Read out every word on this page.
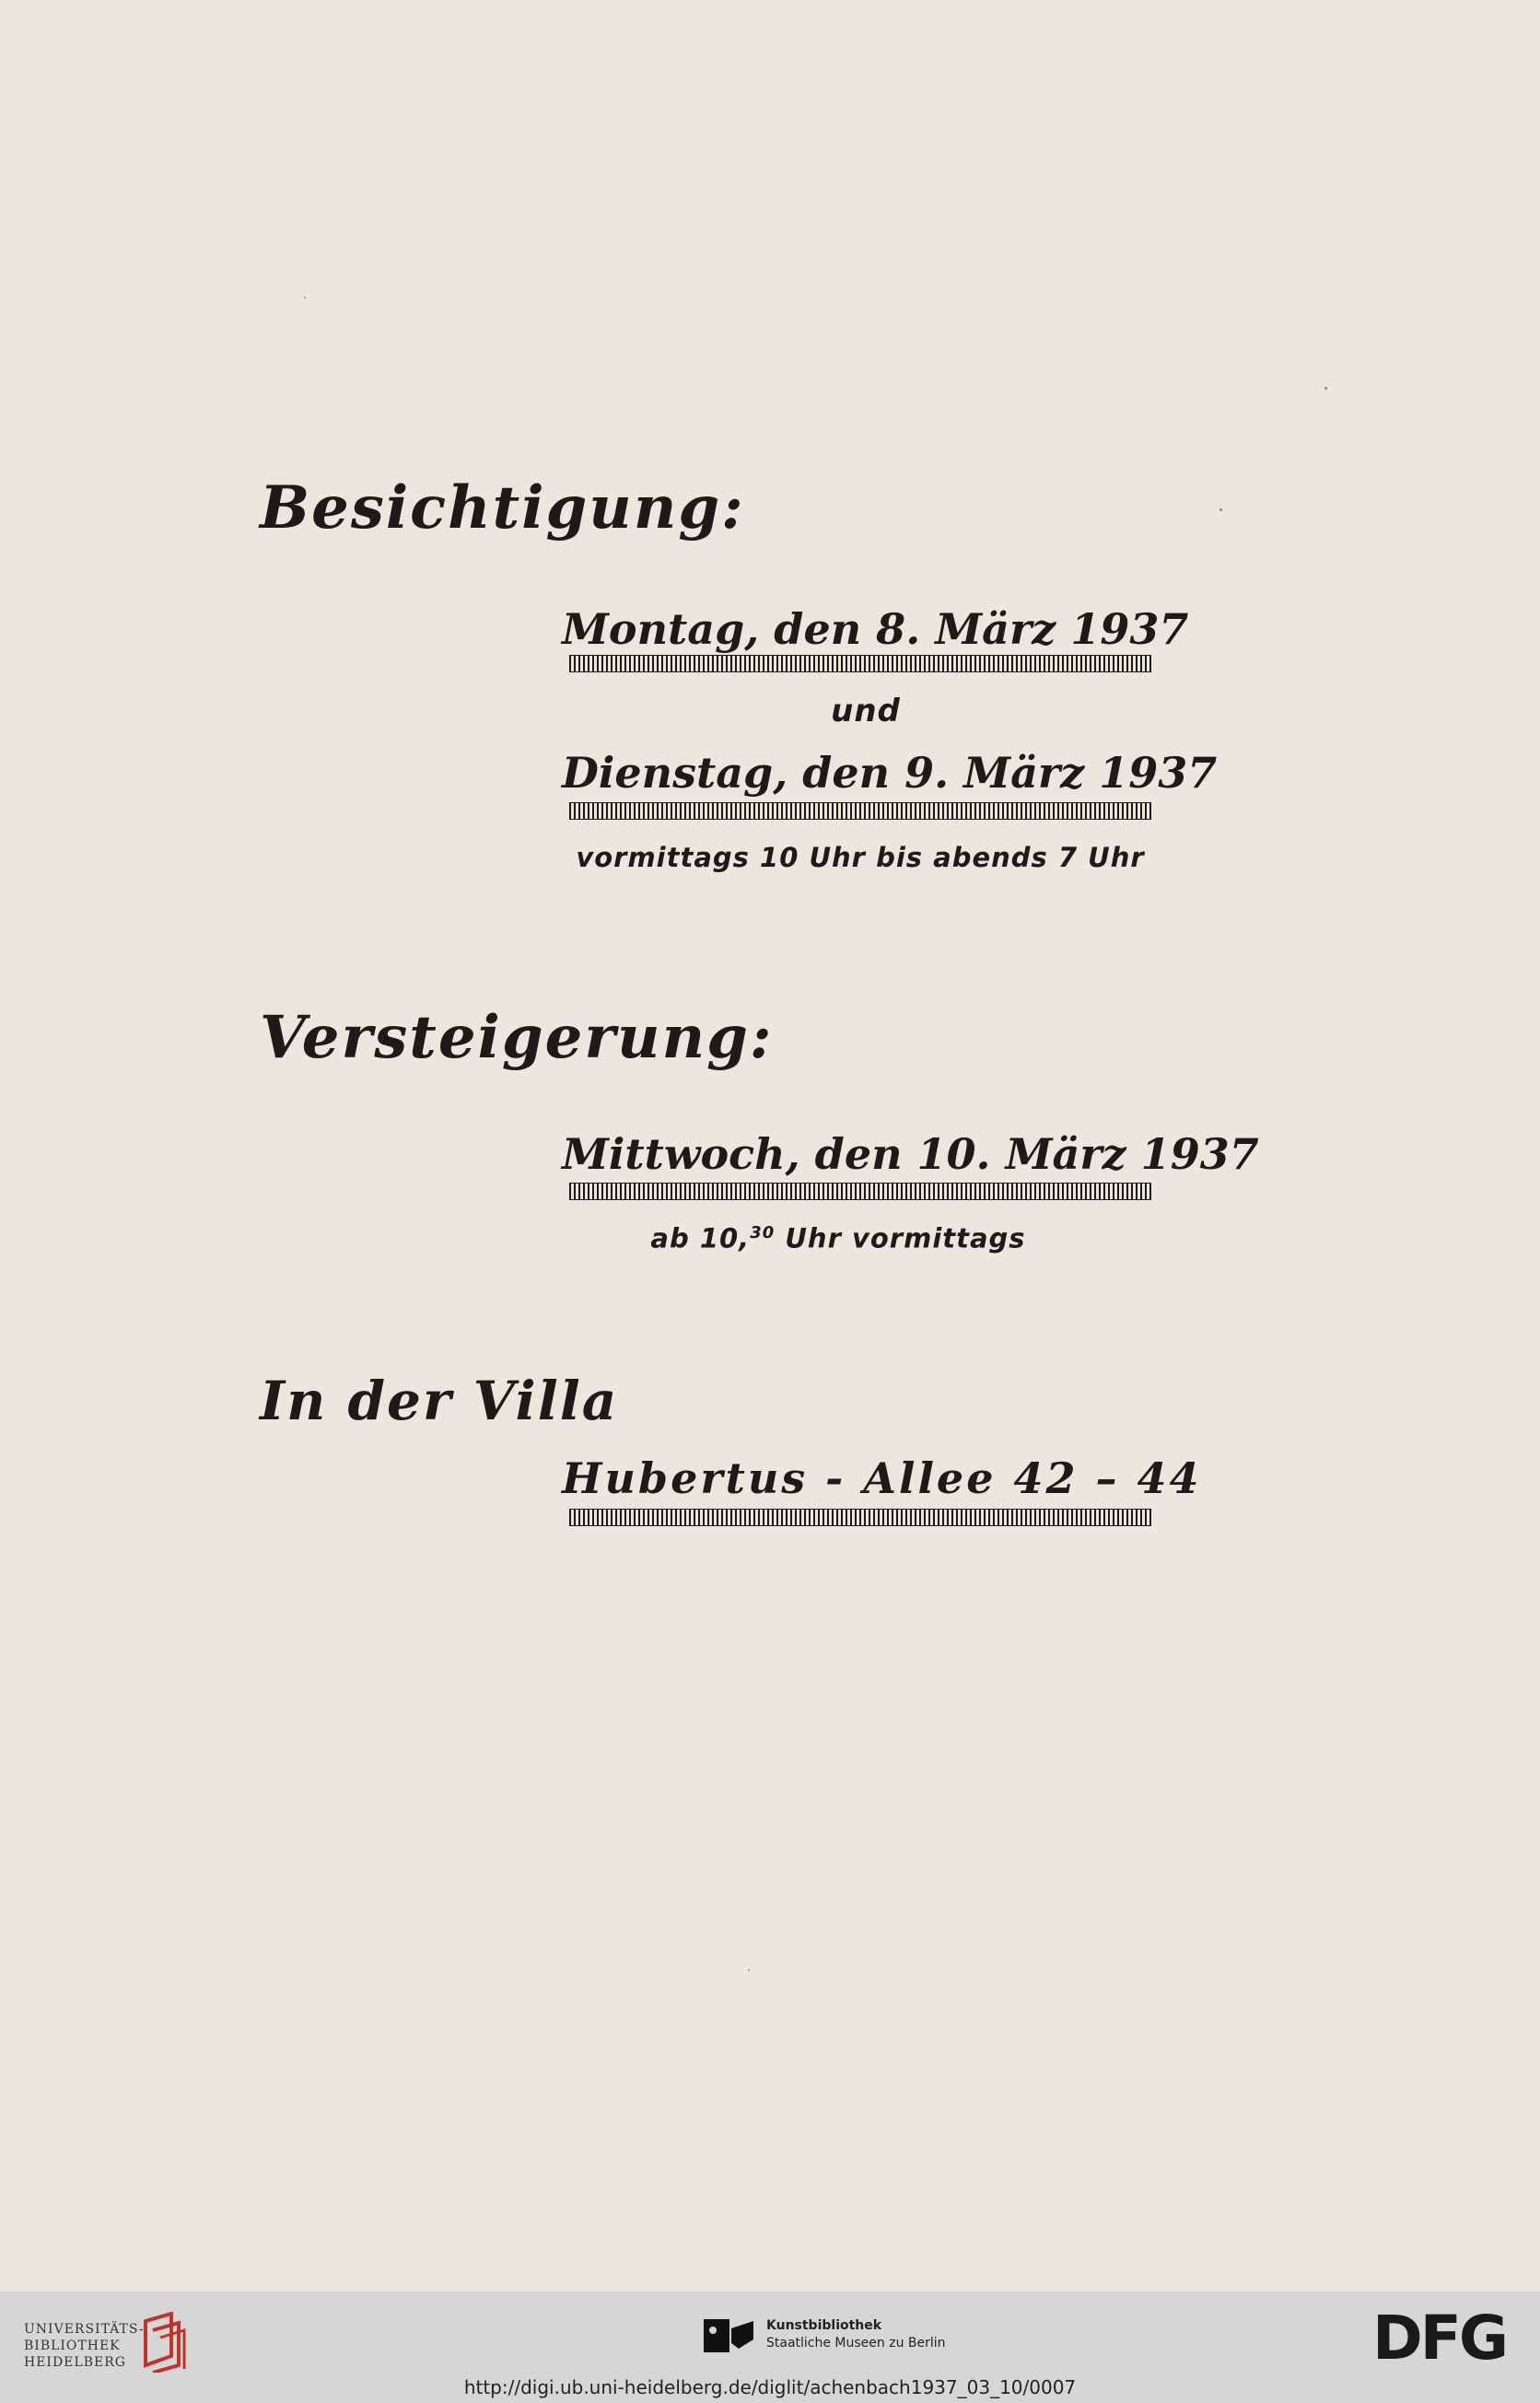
Besichtigung:
Montag, den 8. März 1937
und
Dienstag, den 9. März 1937
vormittags 10 Uhr bis abends 7 Uhr
Versteigerung:
Mittwoch, den 10. März 1937
ab 10,30 Uhr vormittags
In der Villa
Hubertus - Allee 42 – 44
UNIVERSITÄTS-
BIBLIOTHEK
HEIDELBERG
Kunstbibliothek
Staatliche Museen zu Berlin	DFG
http://digi.ub.uni-heidelberg.de/diglit/achenbach1937_03_10/0007
